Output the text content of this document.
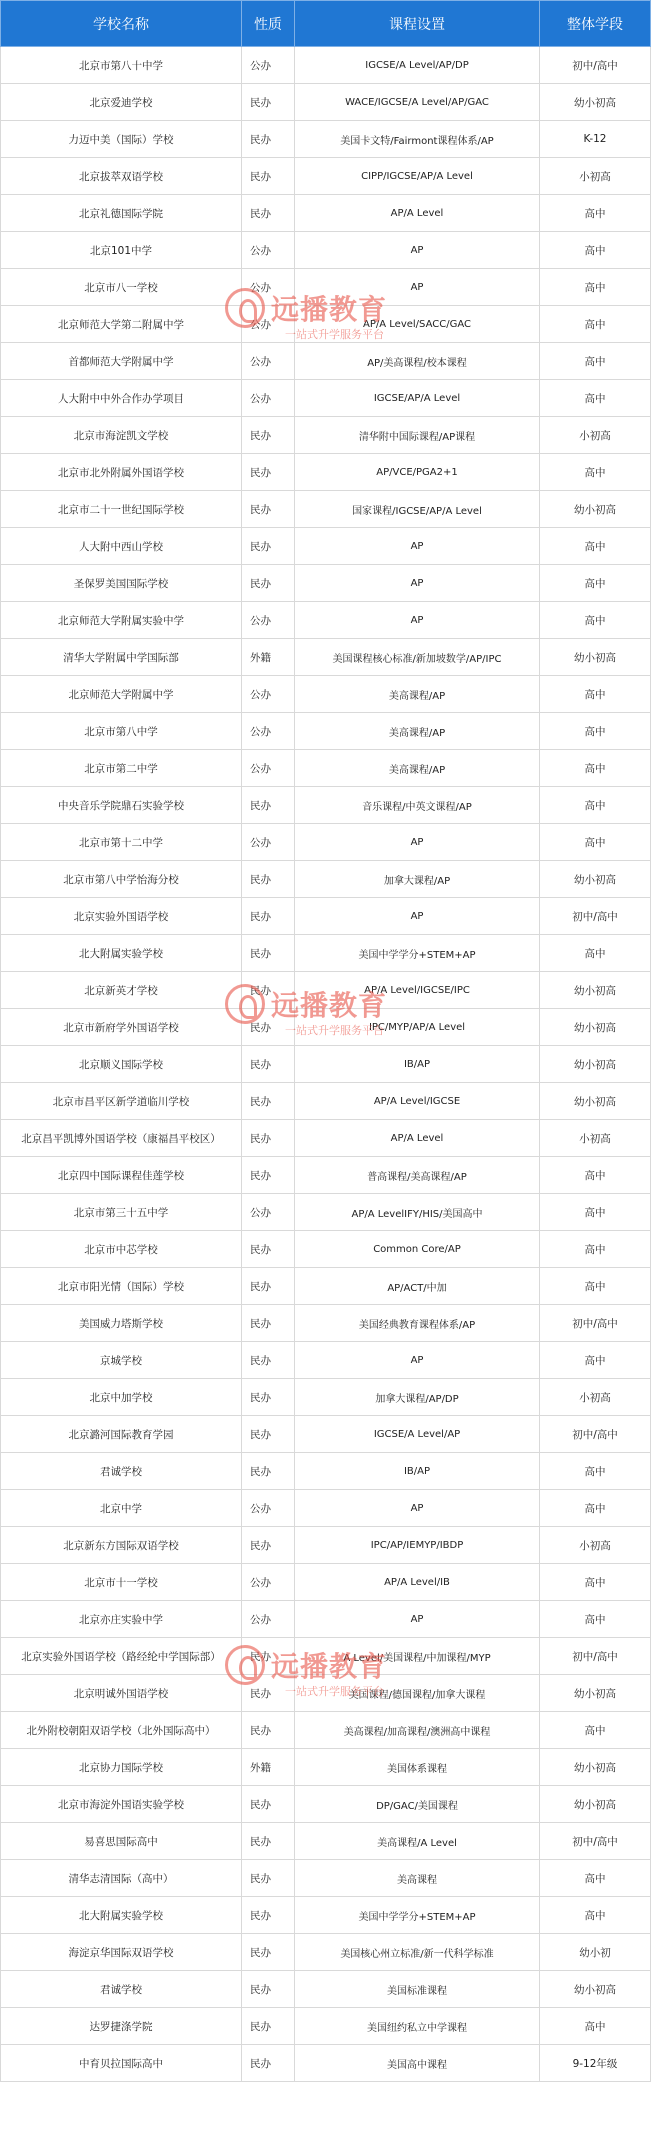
学校名称	性质	课程设置	整体学段
北京市第八十中学	公办	IGCSE/A Level/AP/DP	初中/高中
北京爱迪学校	民办	WACE/IGCSE/A Level/AP/GAC	幼小初高
力迈中美（国际）学校	民办	美国卡文特/Fairmont课程体系/AP	K-12
北京拔萃双语学校	民办	CIPP/IGCSE/AP/A Level	小初高
北京礼德国际学院	民办	AP/A Level	高中
北京101中学	公办	AP	高中
北京市八一学校	公办	AP	高中
北京师范大学第二附属中学	公办	AP/A Level/SACC/GAC	高中
首都师范大学附属中学	公办	AP/美高课程/校本课程	高中
人大附中中外合作办学项目	公办	IGCSE/AP/A Level	高中
北京市海淀凯文学校	民办	清华附中国际课程/AP课程	小初高
北京市北外附属外国语学校	民办	AP/VCE/PGA2+1	高中
北京市二十一世纪国际学校	民办	国家课程/IGCSE/AP/A Level	幼小初高
人大附中西山学校	民办	AP	高中
圣保罗美国国际学校	民办	AP	高中
北京师范大学附属实验中学	公办	AP	高中
清华大学附属中学国际部	外籍	美国课程核心标准/新加坡数学/AP/IPC	幼小初高
北京师范大学附属中学	公办	美高课程/AP	高中
北京市第八中学	公办	美高课程/AP	高中
北京市第二中学	公办	美高课程/AP	高中
中央音乐学院鼎石实验学校	民办	音乐课程/中英文课程/AP	高中
北京市第十二中学	公办	AP	高中
北京市第八中学怡海分校	民办	加拿大课程/AP	幼小初高
北京实验外国语学校	民办	AP	初中/高中
北大附属实验学校	民办	美国中学学分+STEM+AP	高中
北京新英才学校	民办	AP/A Level/IGCSE/IPC	幼小初高
北京市新府学外国语学校	民办	IPC/MYP/AP/A Level	幼小初高
北京顺义国际学校	民办	IB/AP	幼小初高
北京市昌平区新学道临川学校	民办	AP/A Level/IGCSE	幼小初高
北京昌平凯博外国语学校（康福昌平校区）	民办	AP/A Level	小初高
北京四中国际课程佳莲学校	民办	普高课程/美高课程/AP	高中
北京市第三十五中学	公办	AP/A LevelIFY/HIS/美国高中	高中
北京市中芯学校	民办	Common Core/AP	高中
北京市阳光情（国际）学校	民办	AP/ACT/中加	高中
美国威力塔斯学校	民办	美国经典教育课程体系/AP	初中/高中
京城学校	民办	AP	高中
北京中加学校	民办	加拿大课程/AP/DP	小初高
北京潞河国际教育学园	民办	IGCSE/A Level/AP	初中/高中
君诚学校	民办	IB/AP	高中
北京中学	公办	AP	高中
北京新东方国际双语学校	民办	IPC/AP/IEMYP/IBDP	小初高
北京市十一学校	公办	AP/A Level/IB	高中
北京亦庄实验中学	公办	AP	高中
北京实验外国语学校（路经纶中学国际部）	民办	A Level/美国课程/中加课程/MYP	初中/高中
北京明诚外国语学校	民办	美国课程/德国课程/加拿大课程	幼小初高
北外附校朝阳双语学校（北外国际高中）	民办	美高课程/加高课程/澳洲高中课程	高中
北京协力国际学校	外籍	美国体系课程	幼小初高
北京市海淀外国语实验学校	民办	DP/GAC/美国课程	幼小初高
易喜思国际高中	民办	美高课程/A Level	初中/高中
清华志清国际（高中）	民办	美高课程	高中
北大附属实验学校	民办	美国中学学分+STEM+AP	高中
海淀京华国际双语学校	民办	美国核心州立标准/新一代科学标准	幼小初
君诚学校	民办	美国标准课程	幼小初高
达罗捷涤学院	民办	美国纽约私立中学课程	高中
中育贝拉国际高中	民办	美国高中课程	9-12年级
远播教育
一站式升学服务平台
远播教育
一站式升学服务平台
远播教育
一站式升学服务平台
